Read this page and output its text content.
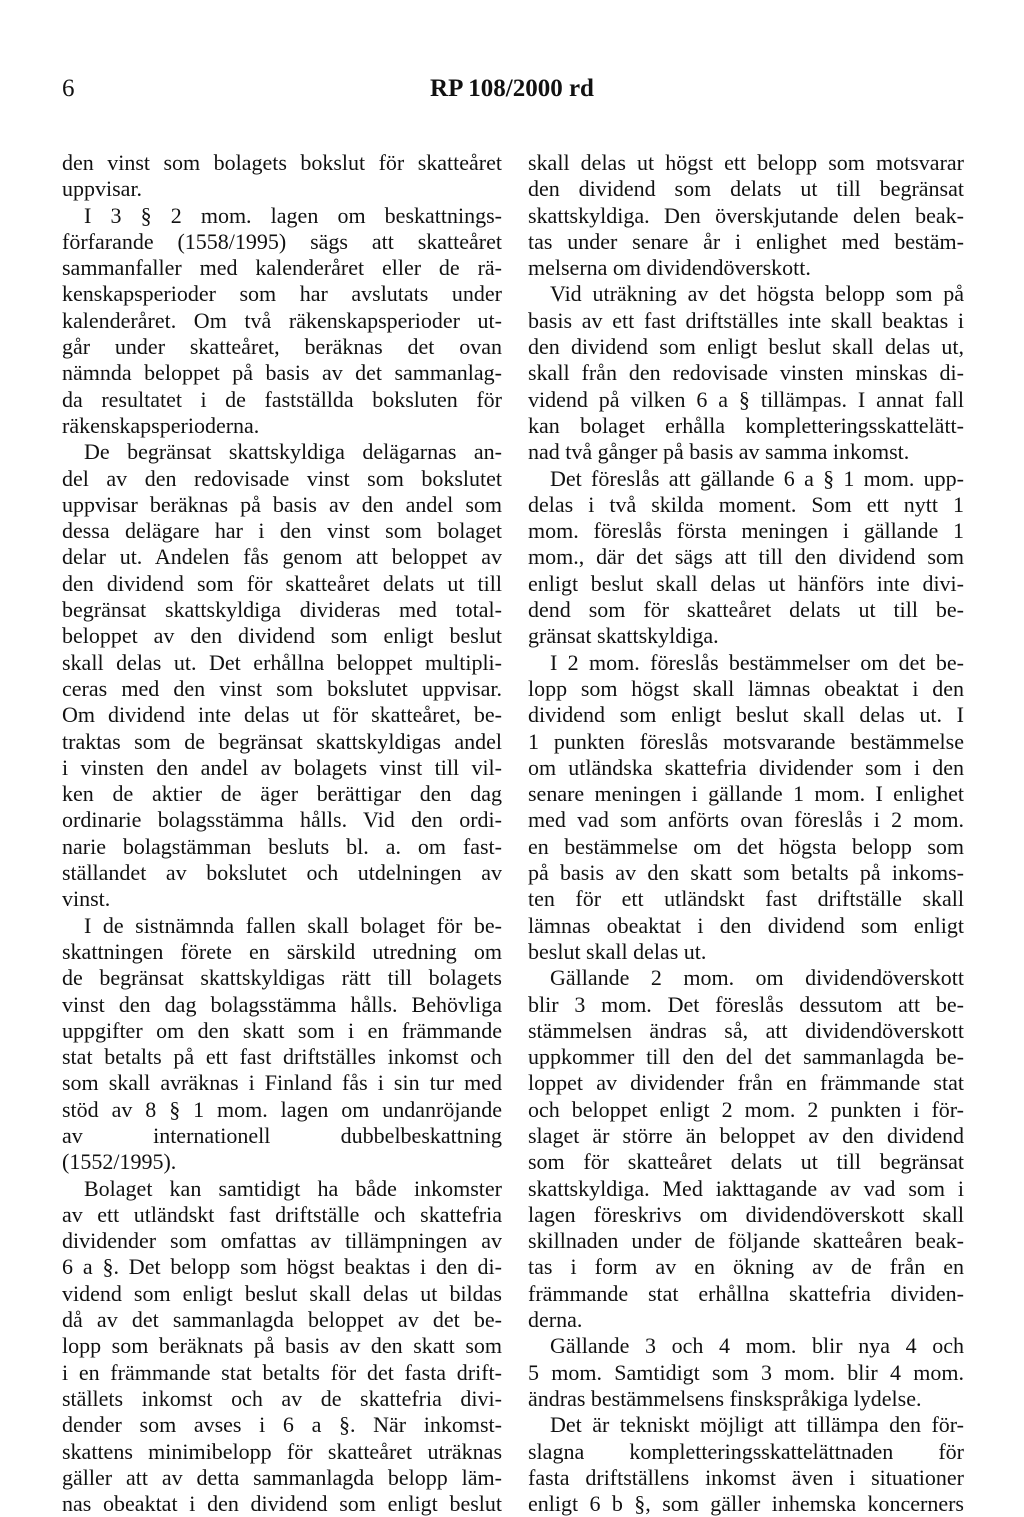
6	RP 108/2000 rd
den vinst som bolagets bokslut för skatteåret
uppvisar.
I 3 § 2 mom. lagen om beskattnings-
förfarande (1558/1995) sägs att skatteåret
sammanfaller med kalenderåret eller de rä-
kenskapsperioder som har avslutats under
kalenderåret. Om två räkenskapsperioder ut-
går under skatteåret, beräknas det ovan
nämnda beloppet på basis av det sammanlag-
da resultatet i de fastställda boksluten för
räkenskapsperioderna.
De begränsat skattskyldiga delägarnas an-
del av den redovisade vinst som bokslutet
uppvisar beräknas på basis av den andel som
dessa delägare har i den vinst som bolaget
delar ut. Andelen fås genom att beloppet av
den dividend som för skatteåret delats ut till
begränsat skattskyldiga divideras med total-
beloppet av den dividend som enligt beslut
skall delas ut. Det erhållna beloppet multipli-
ceras med den vinst som bokslutet uppvisar.
Om dividend inte delas ut för skatteåret, be-
traktas som de begränsat skattskyldigas andel
i vinsten den andel av bolagets vinst till vil-
ken de aktier de äger berättigar den dag
ordinarie bolagsstämma hålls. Vid den ordi-
narie bolagstämman besluts bl. a. om fast-
ställandet av bokslutet och utdelningen av
vinst.
I de sistnämnda fallen skall bolaget för be-
skattningen förete en särskild utredning om
de begränsat skattskyldigas rätt till bolagets
vinst den dag bolagsstämma hålls. Behövliga
uppgifter om den skatt som i en främmande
stat betalts på ett fast driftställes inkomst och
som skall avräknas i Finland fås i sin tur med
stöd av 8 § 1 mom. lagen om undanröjande
av internationell dubbelbeskattning
(1552/1995).
Bolaget kan samtidigt ha både inkomster
av ett utländskt fast driftställe och skattefria
dividender som omfattas av tillämpningen av
6 a §. Det belopp som högst beaktas i den di-
vidend som enligt beslut skall delas ut bildas
då av det sammanlagda beloppet av det be-
lopp som beräknats på basis av den skatt som
i en främmande stat betalts för det fasta drift-
ställets inkomst och av de skattefria divi-
dender som avses i 6 a §. När inkomst-
skattens minimibelopp för skatteåret uträknas
gäller att av detta sammanlagda belopp läm-
nas obeaktat i den dividend som enligt beslut
skall delas ut högst ett belopp som motsvarar
den dividend som delats ut till begränsat
skattskyldiga. Den överskjutande delen beak-
tas under senare år i enlighet med bestäm-
melserna om dividendöverskott.
Vid uträkning av det högsta belopp som på
basis av ett fast driftställes inte skall beaktas i
den dividend som enligt beslut skall delas ut,
skall från den redovisade vinsten minskas di-
vidend på vilken 6 a § tillämpas. I annat fall
kan bolaget erhålla kompletteringsskattelätt-
nad två gånger på basis av samma inkomst.
Det föreslås att gällande 6 a § 1 mom. upp-
delas i två skilda moment. Som ett nytt 1
mom. föreslås första meningen i gällande 1
mom., där det sägs att till den dividend som
enligt beslut skall delas ut hänförs inte divi-
dend som för skatteåret delats ut till be-
gränsat skattskyldiga.
I 2 mom. föreslås bestämmelser om det be-
lopp som högst skall lämnas obeaktat i den
dividend som enligt beslut skall delas ut. I
1 punkten föreslås motsvarande bestämmelse
om utländska skattefria dividender som i den
senare meningen i gällande 1 mom. I enlighet
med vad som anförts ovan föreslås i 2 mom.
en bestämmelse om det högsta belopp som
på basis av den skatt som betalts på inkoms-
ten för ett utländskt fast driftställe skall
lämnas obeaktat i den dividend som enligt
beslut skall delas ut.
Gällande 2 mom. om dividendöverskott
blir 3 mom. Det föreslås dessutom att be-
stämmelsen ändras så, att dividendöverskott
uppkommer till den del det sammanlagda be-
loppet av dividender från en främmande stat
och beloppet enligt 2 mom. 2 punkten i för-
slaget är större än beloppet av den dividend
som för skatteåret delats ut till begränsat
skattskyldiga. Med iakttagande av vad som i
lagen föreskrivs om dividendöverskott skall
skillnaden under de följande skatteåren beak-
tas i form av en ökning av de från en
främmande stat erhållna skattefria dividen-
derna.
Gällande 3 och 4 mom. blir nya 4 och
5 mom. Samtidigt som 3 mom. blir 4 mom.
ändras bestämmelsens finskspråkiga lydelse.
Det är tekniskt möjligt att tillämpa den för-
slagna kompletteringsskattelättnaden för
fasta driftställens inkomst även i situationer
enligt 6 b §, som gäller inhemska koncerners
